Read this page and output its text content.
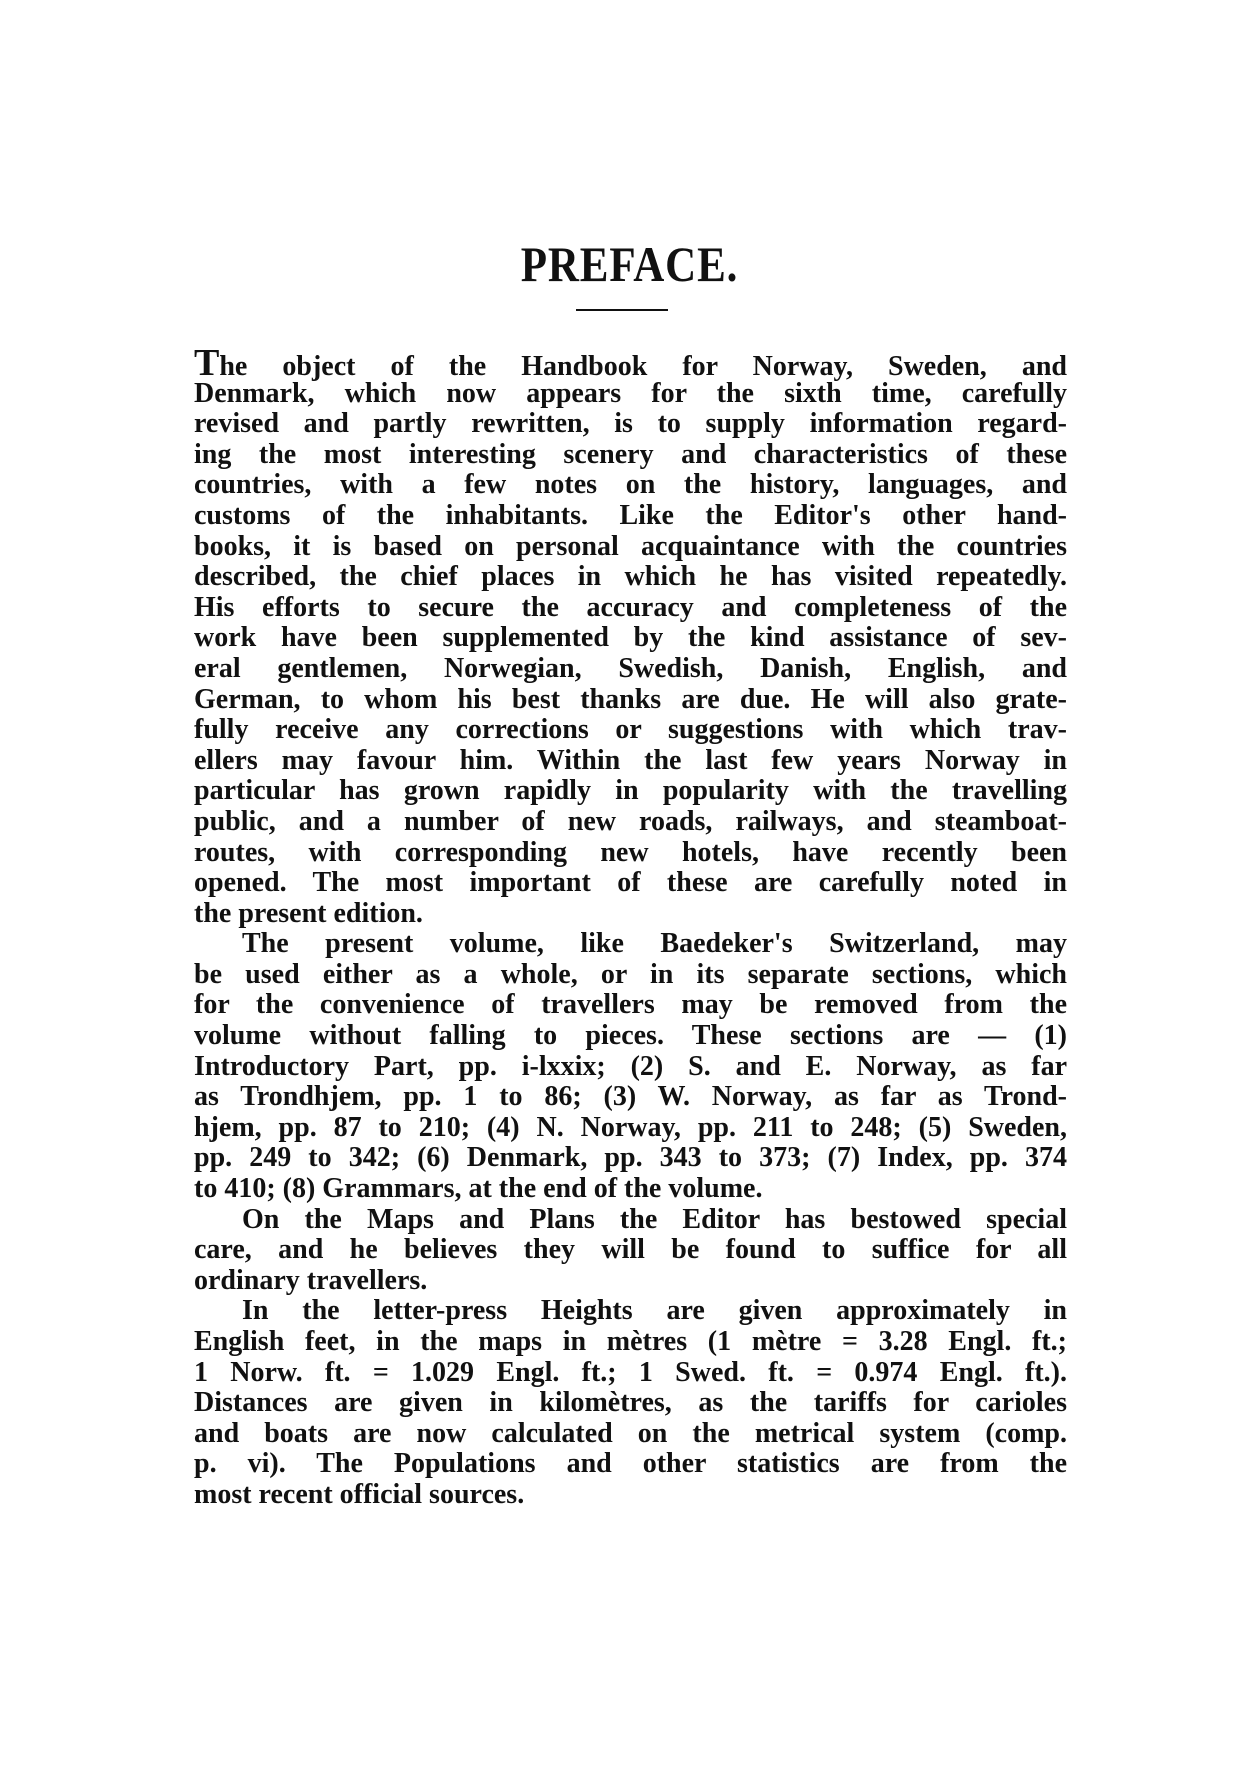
PREFACE.
The object of the Handbook for Norway, Sweden, and
Denmark, which now appears for the sixth time, carefully
revised and partly rewritten, is to supply information regard-
ing the most interesting scenery and characteristics of these
countries, with a few notes on the history, languages, and
customs of the inhabitants. Like the Editor's other hand-
books, it is based on personal acquaintance with the countries
described, the chief places in which he has visited repeatedly.
His efforts to secure the accuracy and completeness of the
work have been supplemented by the kind assistance of sev-
eral gentlemen, Norwegian, Swedish, Danish, English, and
German, to whom his best thanks are due. He will also grate-
fully receive any corrections or suggestions with which trav-
ellers may favour him. Within the last few years Norway in
particular has grown rapidly in popularity with the travelling
public, and a number of new roads, railways, and steamboat-
routes, with corresponding new hotels, have recently been
opened. The most important of these are carefully noted in
the present edition.
The present volume, like Baedeker's Switzerland, may
be used either as a whole, or in its separate sections, which
for the convenience of travellers may be removed from the
volume without falling to pieces. These sections are — (1)
Introductory Part, pp. i-lxxix; (2) S. and E. Norway, as far
as Trondhjem, pp. 1 to 86; (3) W. Norway, as far as Trond-
hjem, pp. 87 to 210; (4) N. Norway, pp. 211 to 248; (5) Sweden,
pp. 249 to 342; (6) Denmark, pp. 343 to 373; (7) Index, pp. 374
to 410; (8) Grammars, at the end of the volume.
On the Maps and Plans the Editor has bestowed special
care, and he believes they will be found to suffice for all
ordinary travellers.
In the letter-press Heights are given approximately in
English feet, in the maps in mètres (1 mètre = 3.28 Engl. ft.;
1 Norw. ft. = 1.029 Engl. ft.; 1 Swed. ft. = 0.974 Engl. ft.).
Distances are given in kilomètres, as the tariffs for carioles
and boats are now calculated on the metrical system (comp.
p. vi). The Populations and other statistics are from the
most recent official sources.
